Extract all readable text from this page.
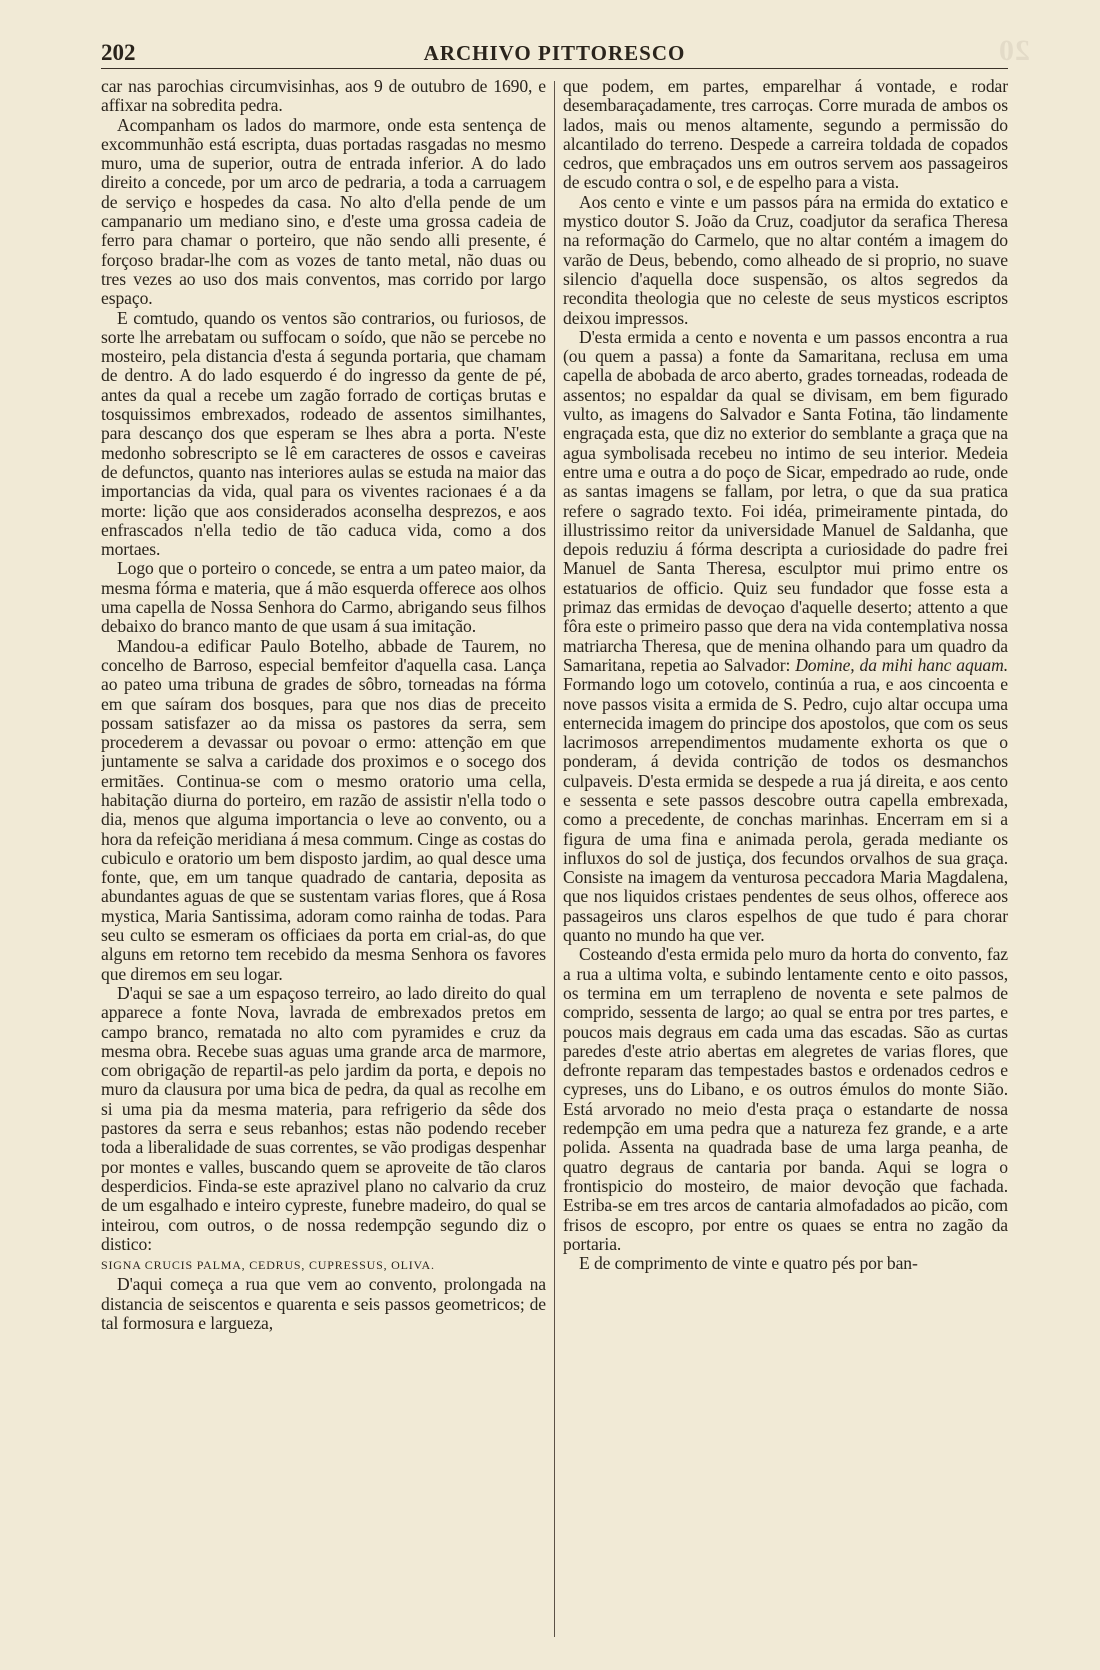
20
202	ARCHIVO PITTORESCO

car nas parochias circumvisinhas, aos 9 de outubro de 1690, e affixar na sobredita pedra.

Acompanham os lados do marmore, onde esta sentença de excommunhão está escripta, duas portadas rasgadas no mesmo muro, uma de superior, outra de entrada inferior. A do lado direito a concede, por um arco de pedraria, a toda a carruagem de serviço e hospedes da casa. No alto d'ella pende de um campanario um mediano sino, e d'este uma grossa cadeia de ferro para chamar o porteiro, que não sendo alli presente, é forçoso bradar-lhe com as vozes de tanto metal, não duas ou tres vezes ao uso dos mais conventos, mas corrido por largo espaço.

E comtudo, quando os ventos são contrarios, ou furiosos, de sorte lhe arrebatam ou suffocam o soído, que não se percebe no mosteiro, pela distancia d'esta á segunda portaria, que chamam de dentro. A do lado esquerdo é do ingresso da gente de pé, antes da qual a recebe um zagão forrado de cortiças brutas e tosquissimos embrexados, rodeado de assentos similhantes, para descanço dos que esperam se lhes abra a porta. N'este medonho sobrescripto se lê em caracteres de ossos e caveiras de defunctos, quanto nas interiores aulas se estuda na maior das importancias da vida, qual para os viventes racionaes é a da morte: lição que aos considerados aconselha desprezos, e aos enfrascados n'ella tedio de tão caduca vida, como a dos mortaes.

Logo que o porteiro o concede, se entra a um pateo maior, da mesma fórma e materia, que á mão esquerda offerece aos olhos uma capella de Nossa Senhora do Carmo, abrigando seus filhos debaixo do branco manto de que usam á sua imitação.

Mandou-a edificar Paulo Botelho, abbade de Taurem, no concelho de Barroso, especial bemfeitor d'aquella casa. Lança ao pateo uma tribuna de grades de sôbro, torneadas na fórma em que saíram dos bosques, para que nos dias de preceito possam satisfazer ao da missa os pastores da serra, sem procederem a devassar ou povoar o ermo: attenção em que juntamente se salva a caridade dos proximos e o socego dos ermitães. Continua-se com o mesmo oratorio uma cella, habitação diurna do porteiro, em razão de assistir n'ella todo o dia, menos que alguma importancia o leve ao convento, ou a hora da refeição meridiana á mesa commum. Cinge as costas do cubiculo e oratorio um bem disposto jardim, ao qual desce uma fonte, que, em um tanque quadrado de cantaria, deposita as abundantes aguas de que se sustentam varias flores, que á Rosa mystica, Maria Santissima, adoram como rainha de todas. Para seu culto se esmeram os officiaes da porta em crial-as, do que alguns em retorno tem recebido da mesma Senhora os favores que diremos em seu logar.

D'aqui se sae a um espaçoso terreiro, ao lado direito do qual apparece a fonte Nova, lavrada de embrexados pretos em campo branco, rematada no alto com pyramides e cruz da mesma obra. Recebe suas aguas uma grande arca de marmore, com obrigação de repartil-as pelo jardim da porta, e depois no muro da clausura por uma bica de pedra, da qual as recolhe em si uma pia da mesma materia, para refrigerio da sêde dos pastores da serra e seus rebanhos; estas não podendo receber toda a liberalidade de suas correntes, se vão prodigas despenhar por montes e valles, buscando quem se aproveite de tão claros desperdicios. Finda-se este aprazivel plano no calvario da cruz de um esgalhado e inteiro cypreste, funebre madeiro, do qual se inteirou, com outros, o de nossa redempção segundo diz o distico:

SIGNA CRUCIS PALMA, CEDRUS, CUPRESSUS, OLIVA.

D'aqui começa a rua que vem ao convento, prolongada na distancia de seiscentos e quarenta e seis passos geometricos; de tal formosura e largueza,

que podem, em partes, emparelhar á vontade, e rodar desembaraçadamente, tres carroças. Corre murada de ambos os lados, mais ou menos altamente, segundo a permissão do alcantilado do terreno. Despede a carreira toldada de copados cedros, que embraçados uns em outros servem aos passageiros de escudo contra o sol, e de espelho para a vista.

Aos cento e vinte e um passos pára na ermida do extatico e mystico doutor S. João da Cruz, coadjutor da serafica Theresa na reformação do Carmelo, que no altar contém a imagem do varão de Deus, bebendo, como alheado de si proprio, no suave silencio d'aquella doce suspensão, os altos segredos da recondita theologia que no celeste de seus mysticos escriptos deixou impressos.

D'esta ermida a cento e noventa e um passos encontra a rua (ou quem a passa) a fonte da Samaritana, reclusa em uma capella de abobada de arco aberto, grades torneadas, rodeada de assentos; no espaldar da qual se divisam, em bem figurado vulto, as imagens do Salvador e Santa Fotina, tão lindamente engraçada esta, que diz no exterior do semblante a graça que na agua symbolisada recebeu no intimo de seu interior. Medeia entre uma e outra a do poço de Sicar, empedrado ao rude, onde as santas imagens se fallam, por letra, o que da sua pratica refere o sagrado texto. Foi idéa, primeiramente pintada, do illustrissimo reitor da universidade Manuel de Saldanha, que depois reduziu á fórma descripta a curiosidade do padre frei Manuel de Santa Theresa, esculptor mui primo entre os estatuarios de officio. Quiz seu fundador que fosse esta a primaz das ermidas de devoçao d'aquelle deserto; attento a que fôra este o primeiro passo que dera na vida contemplativa nossa matriarcha Theresa, que de menina olhando para um quadro da Samaritana, repetia ao Salvador: Domine, da mihi hanc aquam. Formando logo um cotovelo, continúa a rua, e aos cincoenta e nove passos visita a ermida de S. Pedro, cujo altar occupa uma enternecida imagem do principe dos apostolos, que com os seus lacrimosos arrependimentos mudamente exhorta os que o ponderam, á devida contrição de todos os desmanchos culpaveis. D'esta ermida se despede a rua já direita, e aos cento e sessenta e sete passos descobre outra capella embrexada, como a precedente, de conchas marinhas. Encerram em si a figura de uma fina e animada perola, gerada mediante os influxos do sol de justiça, dos fecundos orvalhos de sua graça. Consiste na imagem da venturosa peccadora Maria Magdalena, que nos liquidos cristaes pendentes de seus olhos, offerece aos passageiros uns claros espelhos de que tudo é para chorar quanto no mundo ha que ver.

Costeando d'esta ermida pelo muro da horta do convento, faz a rua a ultima volta, e subindo lentamente cento e oito passos, os termina em um terrapleno de noventa e sete palmos de comprido, sessenta de largo; ao qual se entra por tres partes, e poucos mais degraus em cada uma das escadas. São as curtas paredes d'este atrio abertas em alegretes de varias flores, que defronte reparam das tempestades bastos e ordenados cedros e cypreses, uns do Libano, e os outros émulos do monte Sião. Está arvorado no meio d'esta praça o estandarte de nossa redempção em uma pedra que a natureza fez grande, e a arte polida. Assenta na quadrada base de uma larga peanha, de quatro degraus de cantaria por banda. Aqui se logra o frontispicio do mosteiro, de maior devoção que fachada. Estriba-se em tres arcos de cantaria almofadados ao picão, com frisos de escopro, por entre os quaes se entra no zagão da portaria.

E de comprimento de vinte e quatro pés por ban-
